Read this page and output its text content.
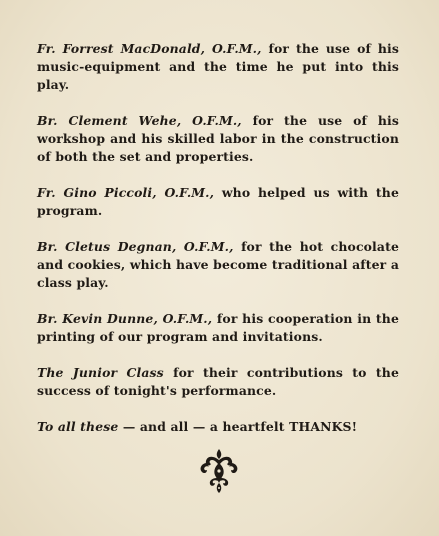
Fr. Forrest MacDonald, O.F.M., for the use of his music-equipment and the time he put into this play.

Br. Clement Wehe, O.F.M., for the use of his workshop and his skilled labor in the construction of both the set and properties.

Fr. Gino Piccoli, O.F.M., who helped us with the program.

Br. Cletus Degnan, O.F.M., for the hot chocolate and cookies, which have become traditional after a class play.

Br. Kevin Dunne, O.F.M., for his cooperation in the printing of our program and invitations.

The Junior Class for their contributions to the success of tonight's performance.

To all these — and all — a heartfelt THANKS!
